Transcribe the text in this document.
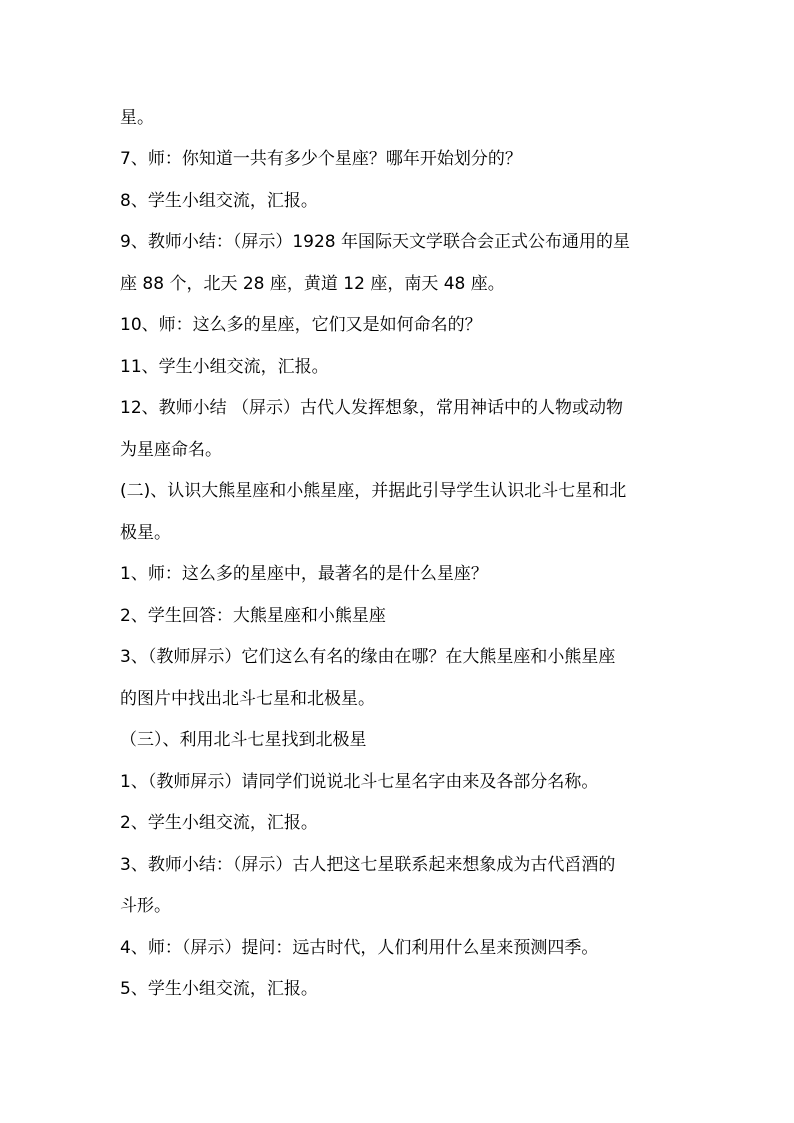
星。
7、师：你知道一共有多少个星座？哪年开始划分的？
8、学生小组交流，汇报。
9、教师小结：（屏示）1928 年国际天文学联合会正式公布通用的星
座 88 个，北天 28 座，黄道 12 座，南天 48 座。
10、师：这么多的星座，它们又是如何命名的？
11、学生小组交流，汇报。
12、教师小结 （屏示）古代人发挥想象，常用神话中的人物或动物
为星座命名。
(二)、认识大熊星座和小熊星座，并据此引导学生认识北斗七星和北
极星。
1、师：这么多的星座中，最著名的是什么星座？
2、学生回答：大熊星座和小熊星座
3、（教师屏示）它们这么有名的缘由在哪？在大熊星座和小熊星座
的图片中找出北斗七星和北极星。
（三）、利用北斗七星找到北极星
1、（教师屏示）请同学们说说北斗七星名字由来及各部分名称。
2、学生小组交流，汇报。
3、教师小结：（屏示）古人把这七星联系起来想象成为古代舀酒的
斗形。
4、师：（屏示）提问：远古时代，人们利用什么星来预测四季。
5、学生小组交流，汇报。
